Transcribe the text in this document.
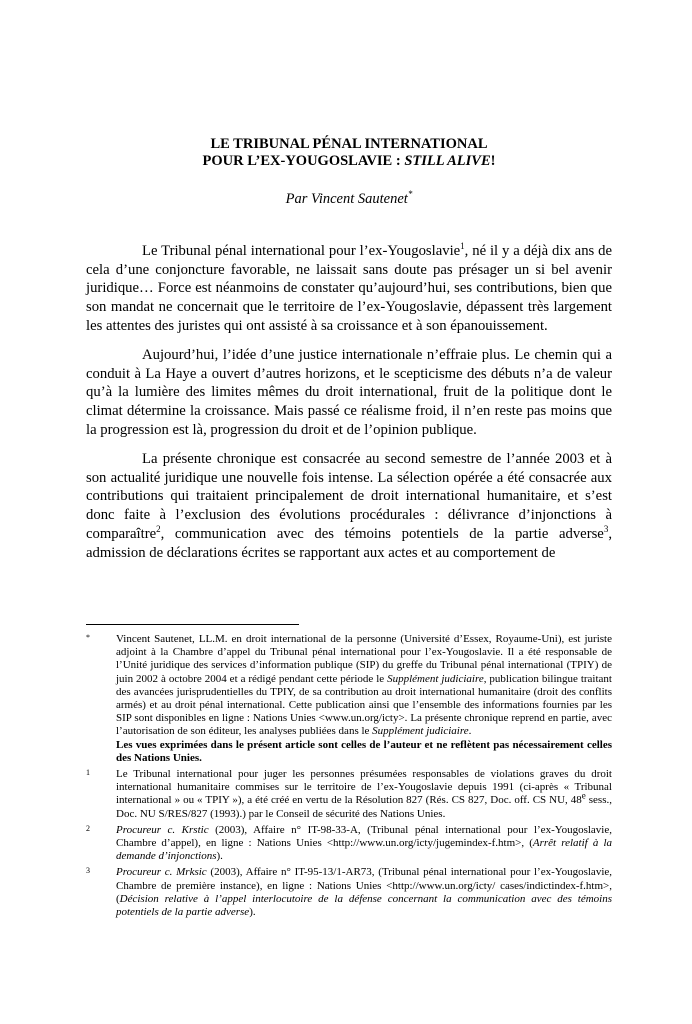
LE TRIBUNAL PÉNAL INTERNATIONAL
POUR L’EX-YOUGOSLAVIE : STILL ALIVE!
Par Vincent Sautenet*

Le Tribunal pénal international pour l’ex-Yougoslavie$^1$, né il y a déjà dix ans de cela d’une conjoncture favorable, ne laissait sans doute pas présager un si bel avenir juridique… Force est néanmoins de constater qu’aujourd’hui, ses contributions, bien que son mandat ne concernait que le territoire de l’ex-Yougoslavie, dépassent très largement les attentes des juristes qui ont assisté à sa croissance et à son épanouissement.

Aujourd’hui, l’idée d’une justice internationale n’effraie plus. Le chemin qui a conduit à La Haye a ouvert d’autres horizons, et le scepticisme des débuts n’a de valeur qu’à la lumière des limites mêmes du droit international, fruit de la politique dont le climat détermine la croissance. Mais passé ce réalisme froid, il n’en reste pas moins que la progression est là, progression du droit et de l’opinion publique.

La présente chronique est consacrée au second semestre de l’année 2003 et à son actualité juridique une nouvelle fois intense. La sélection opérée a été consacrée aux contributions qui traitaient principalement de droit international humanitaire, et s’est donc faite à l’exclusion des évolutions procédurales : délivrance d’injonctions à comparaître$^2$, communication avec des témoins potentiels de la partie adverse$^3$, admission de déclarations écrites se rapportant aux actes et au comportement de

* Vincent Sautenet, LL.M. en droit international de la personne (Université d’Essex, Royaume-Uni), est juriste adjoint à la Chambre d’appel du Tribunal pénal international pour l’ex-Yougoslavie. Il a été responsable de l’Unité juridique des services d’information publique (SIP) du greffe du Tribunal pénal international (TPIY) de juin 2002 à octobre 2004 et a rédigé pendant cette période le Supplément judiciaire, publication bilingue traitant des avancées jurisprudentielles du TPIY, de sa contribution au droit international humanitaire (droit des conflits armés) et au droit pénal international. Cette publication ainsi que l’ensemble des informations fournies par les SIP sont disponibles en ligne : Nations Unies <www.un.org/icty>. La présente chronique reprend en partie, avec l’autorisation de son éditeur, les analyses publiées dans le Supplément judiciaire.
Les vues exprimées dans le présent article sont celles de l’auteur et ne reflètent pas nécessairement celles des Nations Unies.
1 Le Tribunal international pour juger les personnes présumées responsables de violations graves du droit international humanitaire commises sur le territoire de l’ex-Yougoslavie depuis 1991 (ci-après « Tribunal international » ou « TPIY »), a été créé en vertu de la Résolution 827 (Rés. CS 827, Doc. off. CS NU, 48e sess., Doc. NU S/RES/827 (1993).) par le Conseil de sécurité des Nations Unies.
2 Procureur c. Krstic (2003), Affaire n° IT-98-33-A, (Tribunal pénal international pour l’ex-Yougoslavie, Chambre d’appel), en ligne : Nations Unies <http://www.un.org/icty/jugemindex-f.htm>, (Arrêt relatif à la demande d’injonctions).
3 Procureur c. Mrksic (2003), Affaire n° IT-95-13/1-AR73, (Tribunal pénal international pour l’ex-Yougoslavie, Chambre de première instance), en ligne : Nations Unies <http://www.un.org/icty/ cases/indictindex-f.htm>, (Décision relative à l’appel interlocutoire de la défense concernant la communication avec des témoins potentiels de la partie adverse).
